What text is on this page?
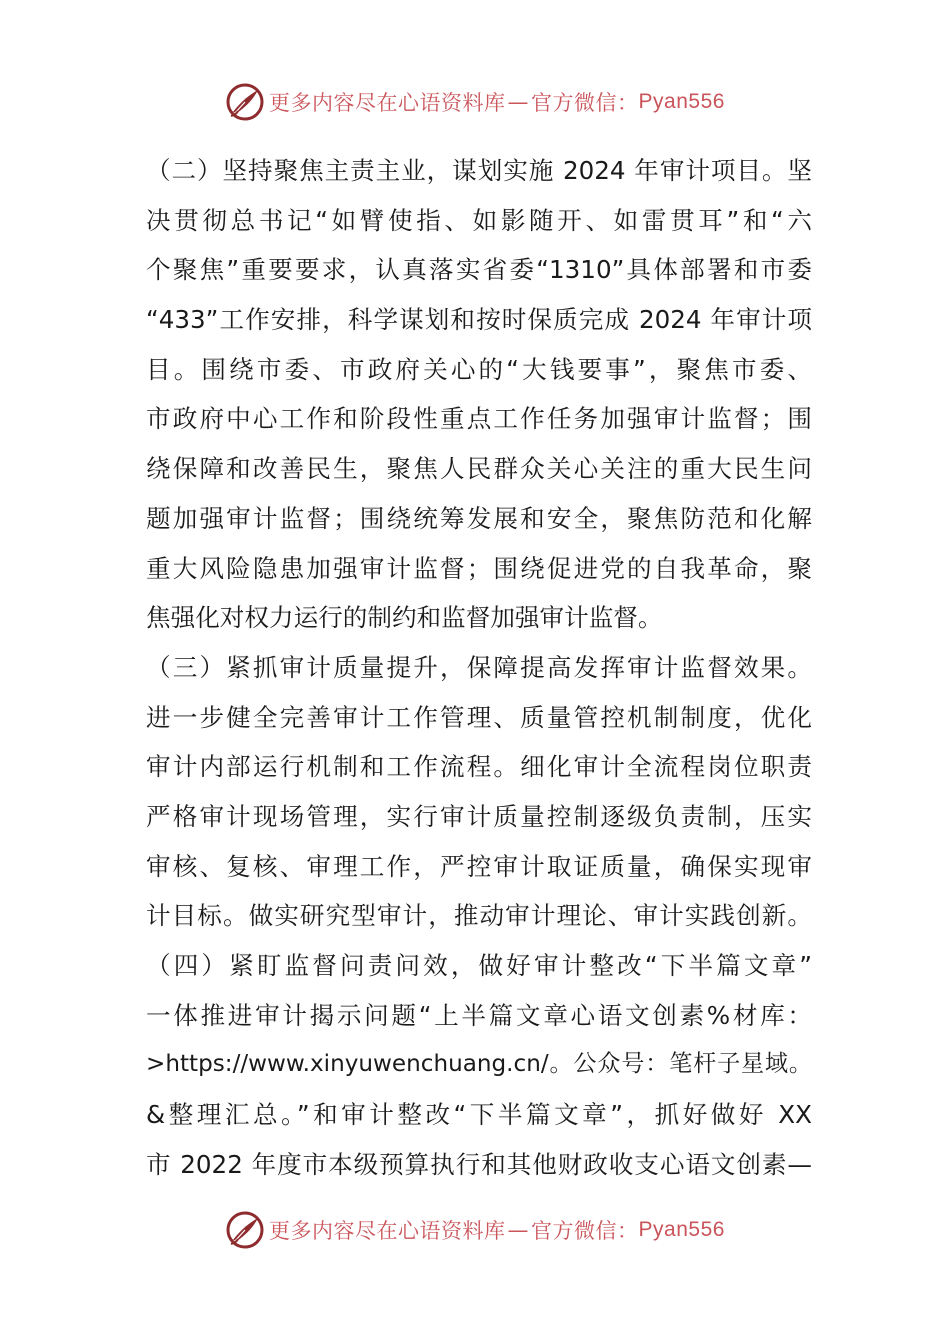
更多内容尽在心语资料库 — 官方微信： Pyan556
（二）坚持聚焦主责主业，谋划实施 2024 年审计项目。坚
决贯彻总书记“如臂使指、如影随开、如雷贯耳”和“六
个聚焦”重要要求，认真落实省委“1310”具体部署和市委
“433”工作安排，科学谋划和按时保质完成 2024 年审计项
目。围绕市委、市政府关心的“大钱要事”，聚焦市委、
市政府中心工作和阶段性重点工作任务加强审计监督；围
绕保障和改善民生，聚焦人民群众关心关注的重大民生问
题加强审计监督；围绕统筹发展和安全，聚焦防范和化解
重大风险隐患加强审计监督；围绕促进党的自我革命，聚
焦强化对权力运行的制约和监督加强审计监督。
（三）紧抓审计质量提升，保障提高发挥审计监督效果。
进一步健全完善审计工作管理、质量管控机制制度，优化
审计内部运行机制和工作流程。细化审计全流程岗位职责
严格审计现场管理，实行审计质量控制逐级负责制，压实
审核、复核、审理工作，严控审计取证质量，确保实现审
计目标。做实研究型审计，推动审计理论、审计实践创新。
（四）紧盯监督问责问效，做好审计整改“下半篇文章”
一体推进审计揭示问题“上半篇文章心语文创素%材库：
>https://www.xinyuwenchuang.cn/。公众号：笔杆子星域。
&整理汇总。”和审计整改“下半篇文章”，抓好做好 XX
市 2022 年度市本级预算执行和其他财政收支心语文创素—
更多内容尽在心语资料库 — 官方微信： Pyan556
